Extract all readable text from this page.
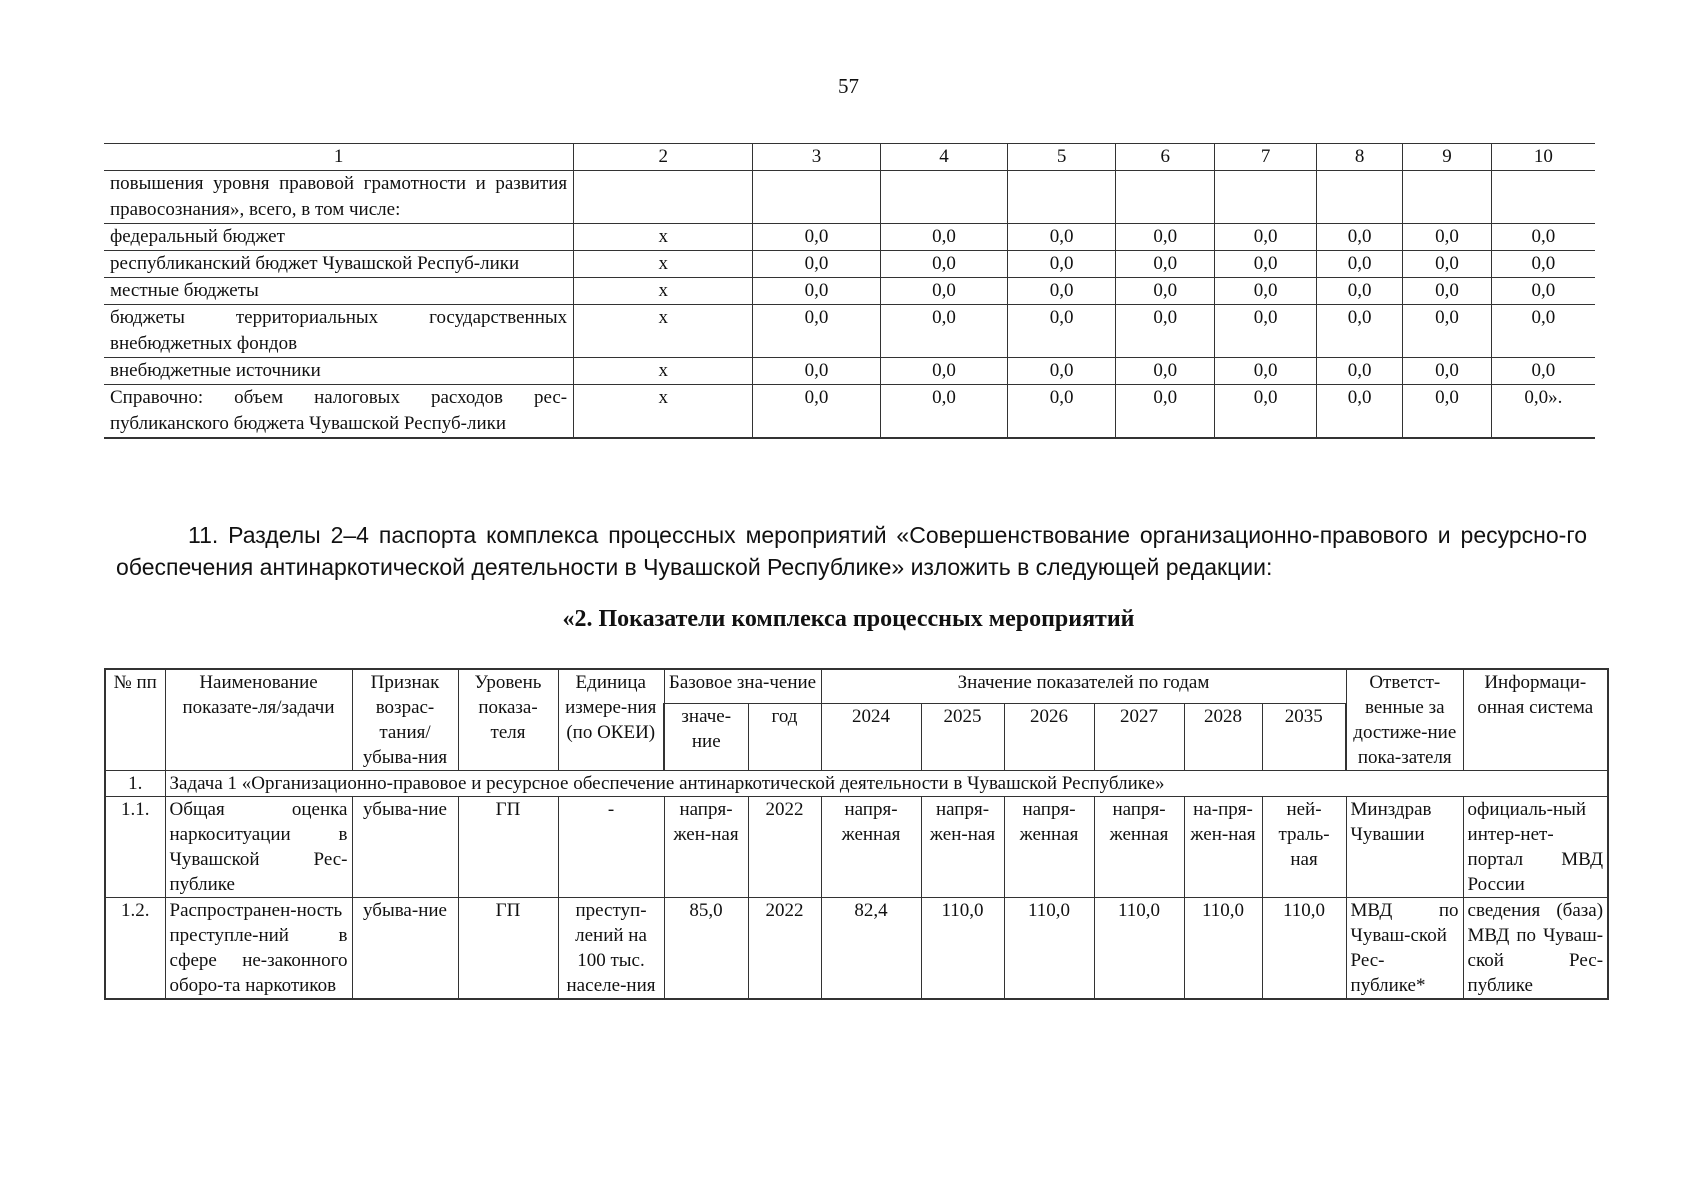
57
1	2	3	4	5	6	7	8	9	10
повышения уровня правовой грамотности и развития правосознания», всего, в том числе:									
федеральный бюджет	x	0,0	0,0	0,0	0,0	0,0	0,0	0,0	0,0
республиканский бюджет Чувашской Респуб-лики	x	0,0	0,0	0,0	0,0	0,0	0,0	0,0	0,0
местные бюджеты	x	0,0	0,0	0,0	0,0	0,0	0,0	0,0	0,0
бюджеты территориальных государственных внебюджетных фондов	x	0,0	0,0	0,0	0,0	0,0	0,0	0,0	0,0
внебюджетные источники	x	0,0	0,0	0,0	0,0	0,0	0,0	0,0	0,0
Справочно: объем налоговых расходов рес-публиканского бюджета Чувашской Респуб-лики	x	0,0	0,0	0,0	0,0	0,0	0,0	0,0	0,0».
11. Разделы 2–4 паспорта комплекса процессных мероприятий «Совершенствование организационно-правового и ресурсно-го обеспечения антинаркотической деятельности в Чувашской Республике» изложить в следующей редакции:
«2. Показатели комплекса процессных мероприятий
№ пп	Наименование показате-ля/задачи	Признак возрас-тания/ убыва-ния	Уровень показа-теля	Единица измере-ния (по ОКЕИ)	Базовое зна-чение		Значение показателей по годам						Ответст-венные за достиже-ние пока-зателя	Информаци-онная система
					значе-ние	год	2024	2025	2026	2027	2028	2035		
1.	Задача 1 «Организационно-правовое и ресурсное обеспечение антинаркотической деятельности в Чувашской Республике»													
1.1.	Общая оценка наркоситуации в Чувашской Рес-публике	убыва-ние	ГП	-	напря-жен-ная	2022	напря-женная	напря-жен-ная	напря-женная	напря-женная	на-пря-жен-ная	ней-траль-ная	Минздрав Чувашии	официаль-ный интер-нет-портал МВД России
1.2.	Распространен-ность преступле-ний в сфере не-законного оборо-та наркотиков	убыва-ние	ГП	преступ-лений на 100 тыс. населе-ния	85,0	2022	82,4	110,0	110,0	110,0	110,0	110,0	МВД по Чуваш-ской Рес-публике*	сведения (база) МВД по Чуваш-ской Рес-публике
